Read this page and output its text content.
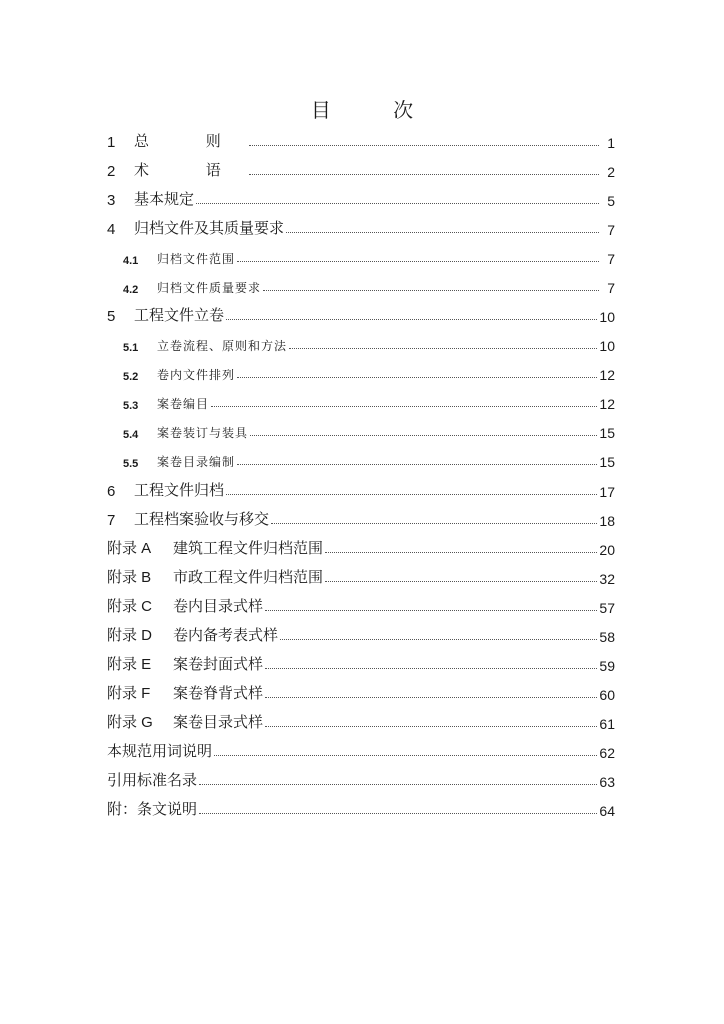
目 次
1	总 则	1
2	术 语	2
3	基本规定	5
4	归档文件及其质量要求	7
4.1	归档文件范围	7
4.2	归档文件质量要求	7
5	工程文件立卷	10
5.1	立卷流程、原则和方法	10
5.2	卷内文件排列	12
5.3	案卷编目	12
5.4	案卷装订与装具	15
5.5	案卷目录编制	15
6	工程文件归档	17
7	工程档案验收与移交	18
附录 A	建筑工程文件归档范围	20
附录 B	市政工程文件归档范围	32
附录 C	卷内目录式样	57
附录 D	卷内备考表式样	58
附录 E	案卷封面式样	59
附录 F	案卷脊背式样	60
附录 G	案卷目录式样	61
本规范用词说明	62
引用标准名录	63
附：条文说明	64
